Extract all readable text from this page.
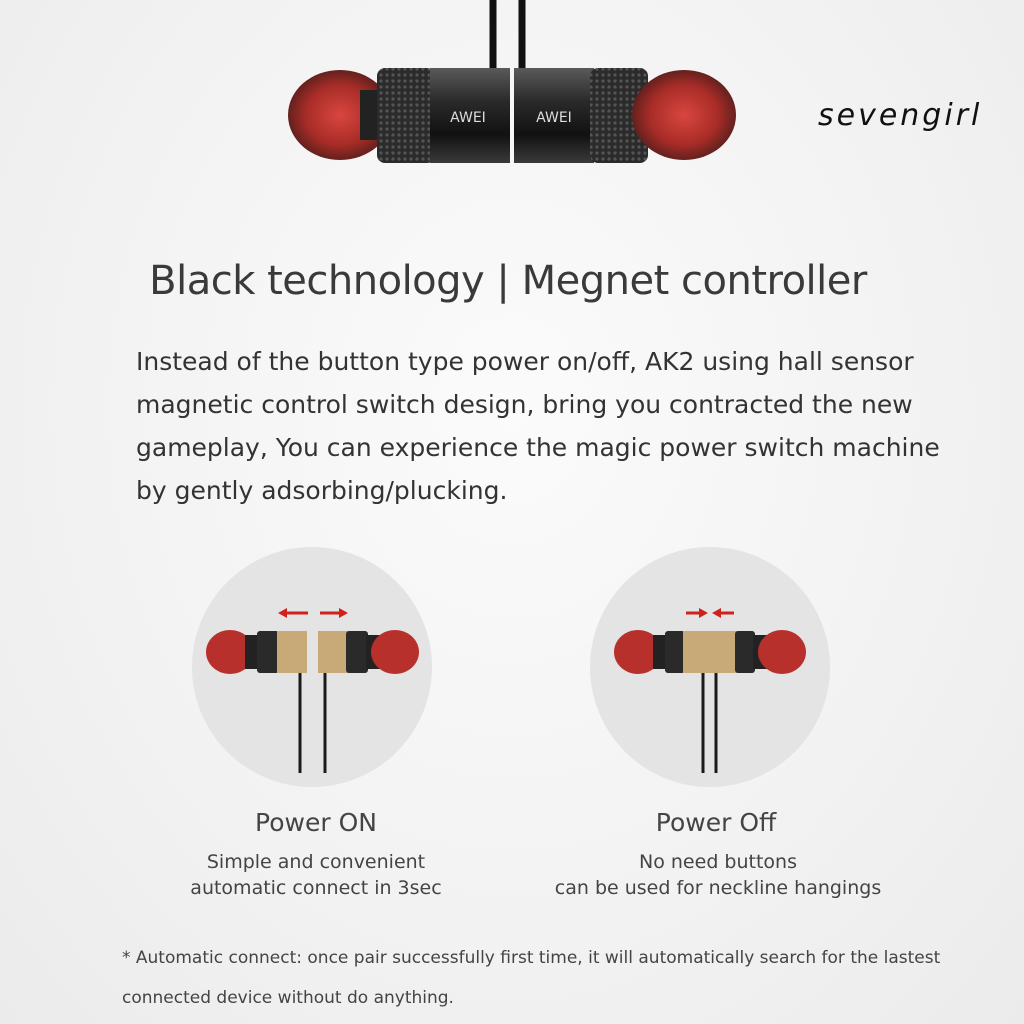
AWEI	AWEI	sevengirl
Black technology | Megnet controller
Instead of the button type power on/off, AK2 using hall sensor
magnetic control switch design, bring you contracted the new
gameplay, You can experience the magic power switch machine
by gently adsorbing/plucking.
Power ON
Simple and convenient
automatic connect in 3sec
Power Off
No need buttons
can be used for neckline hangings
* Automatic connect: once pair successfully first time, it will automatically search for the lastest
connected device without do anything.
